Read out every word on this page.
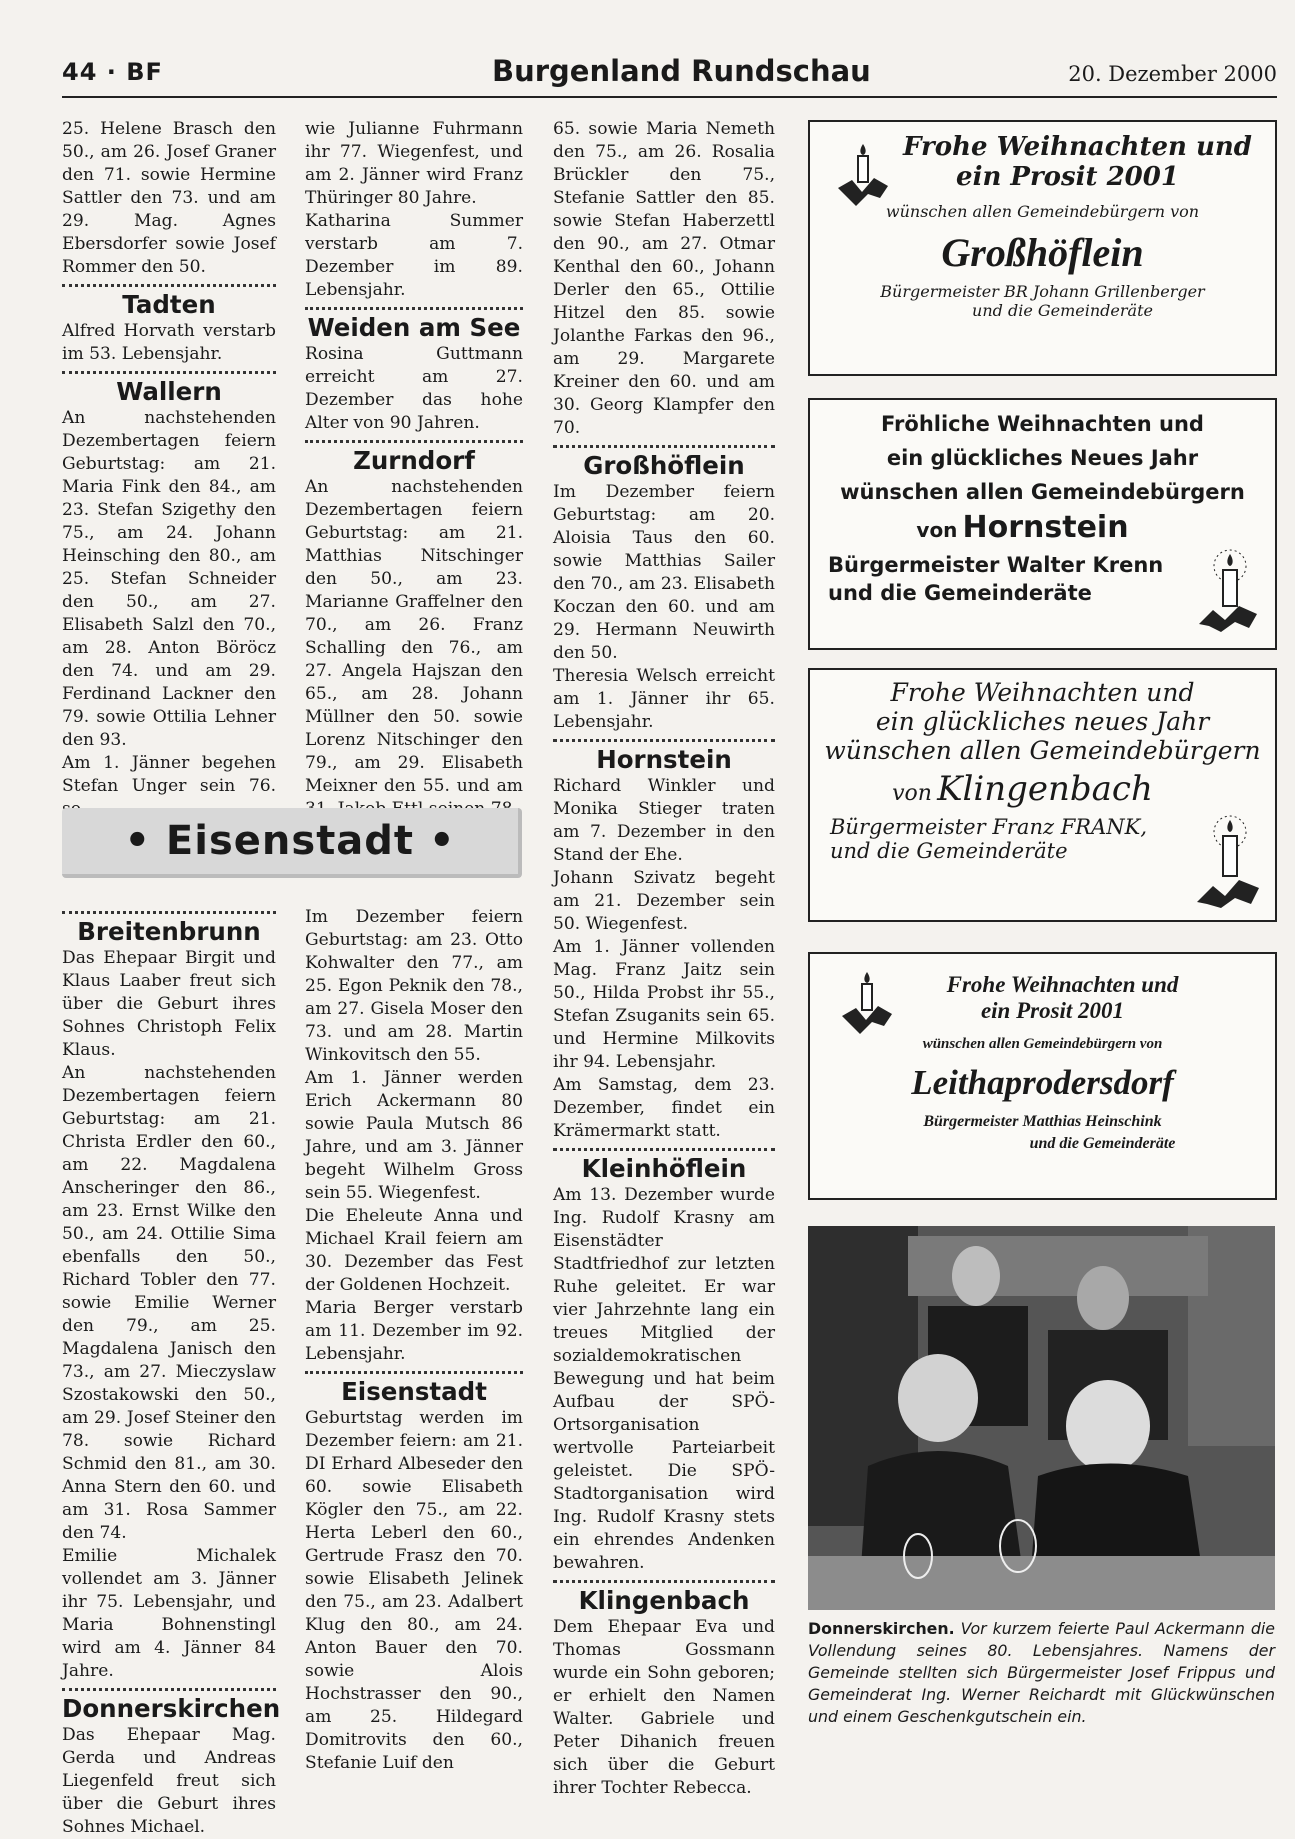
44 · BF	Burgenland Rundschau	20. Dezember 2000

25. Helene Brasch den 50., am 26. Josef Graner den 71. sowie Hermine Sattler den 73. und am 29. Mag. Agnes Ebersdorfer sowie Josef Rommer den 50.

Tadten

Alfred Horvath verstarb im 53. Lebensjahr.

Wallern

An nachstehenden Dezembertagen feiern Geburtstag: am 21. Maria Fink den 84., am 23. Stefan Szigethy den 75., am 24. Johann Heinsching den 80., am 25. Stefan Schneider den 50., am 27. Elisabeth Salzl den 70., am 28. Anton Böröcz den 74. und am 29. Ferdinand Lackner den 79. sowie Ottilia Lehner den 93.

Am 1. Jänner begehen Stefan Unger sein 76.

wie Julianne Fuhrmann ihr 77. Wiegenfest, und am 2. Jänner wird Franz Thüringer 80 Jahre.

Katharina Summer verstarb am 7. Dezember im 89. Lebensjahr.

Weiden am See

Rosina Guttmann erreicht am 27. Dezember das hohe Alter von 90 Jahren.

Zurndorf

An nachstehenden Dezembertagen feiern Geburtstag: am 21. Matthias Nitschinger den 50., am 23. Marianne Graffelner den 70., am 26. Franz Schalling den 76., am 27. Angela Hajszan den 65., am 28. Johann Müllner den 50. sowie Lorenz Nitschinger den 79., am 29. Elisabeth Meixner den 55. und am

• Eisenstadt •
Breitenbrunn

Das Ehepaar Birgit und Klaus Laaber freut sich über die Geburt ihres Sohnes Christoph Felix Klaus.

An nachstehenden Dezembertagen feiern Geburtstag: am 21. Christa Erdler den 60., am 22. Magdalena Anscheringer den 86., am 23. Ernst Wilke den 50., am 24. Ottilie Sima ebenfalls den 50., Richard Tobler den 77. sowie Emilie Werner den 79., am 25. Magdalena Janisch den 73., am 27. Mieczyslaw Szostakowski den 50., am 29. Josef Steiner den 78. sowie Richard Schmid den 81., am 30. Anna Stern den 60. und am 31. Rosa Sammer den 74.

Emilie Michalek vollendet am 3. Jänner ihr 75. Lebensjahr, und Maria Bohnenstingl wird am 4. Jänner 84 Jahre.

Donnerskirchen

Das Ehepaar Mag. Gerda und Andreas Liegenfeld freut sich über die Geburt ihres Sohnes Michael.

Im Dezember feiern Geburtstag: am 23. Otto Kohwalter den 77., am 25. Egon Peknik den 78., am 27. Gisela Moser den 73. und am 28. Martin Winkovitsch den 55.

Am 1. Jänner werden Erich Ackermann 80 sowie Paula Mutsch 86 Jahre, und am 3. Jänner begeht Wilhelm Gross sein 55. Wiegenfest.

Die Eheleute Anna und Michael Krail feiern am 30. Dezember das Fest der Goldenen Hochzeit.

Maria Berger verstarb am 11. Dezember im 92. Lebensjahr.

Eisenstadt

Geburtstag werden im Dezember feiern: am 21. DI Erhard Albeseder den 60. sowie Elisabeth Kögler den 75., am 22. Herta Leberl den 60., Gertrude Frasz den 70. sowie Elisabeth Jelinek den 75., am 23. Adalbert Klug den 80., am 24. Anton Bauer den 70. sowie Alois Hochstrasser den 90., am 25. Hildegard Domitrovits den 60., Stefanie Luif den

65. sowie Maria Nemeth den 75., am 26. Rosalia Brückler den 75., Stefanie Sattler den 85. sowie Stefan Haberzettl den 90., am 27. Otmar Kenthal den 60., Johann Derler den 65., Ottilie Hitzel den 85. sowie Jolanthe Farkas den 96., am 29. Margarete Kreiner den 60. und am 30. Georg Klampfer den 70.

Großhöflein

Im Dezember feiern Geburtstag: am 20. Aloisia Taus den 60. sowie Matthias Sailer den 70., am 23. Elisabeth Koczan den 60. und am 29. Hermann Neuwirth den 50.

Theresia Welsch erreicht am 1. Jänner ihr 65. Lebensjahr.

Hornstein

Richard Winkler und Monika Stieger traten am 7. Dezember in den Stand der Ehe.

Johann Szivatz begeht am 21. Dezember sein 50. Wiegenfest.

Am 1. Jänner vollenden Mag. Franz Jaitz sein 50., Hilda Probst ihr 55., Stefan Zsuganits sein 65. und Hermine Milkovits ihr 94. Lebensjahr.

Am Samstag, dem 23. Dezember, findet ein Krämermarkt statt.

Kleinhöflein

Am 13. Dezember wurde Ing. Rudolf Krasny am Eisenstädter Stadtfriedhof zur letzten Ruhe geleitet. Er war vier Jahrzehnte lang ein treues Mitglied der sozialdemokratischen Bewegung und hat beim Aufbau der SPÖ-Ortsorganisation wertvolle Parteiarbeit geleistet. Die SPÖ-Stadtorganisation wird Ing. Rudolf Krasny stets ein ehrendes Andenken bewahren.

Klingenbach

Dem Ehepaar Eva und Thomas Gossmann wurde ein Sohn geboren; er erhielt den Namen Walter. Gabriele und Peter Dihanich freuen sich über die Geburt ihrer Tochter Rebecca.

Frohe Weihnachten und
ein Prosit 2001
wünschen allen Gemeindebürgern von
Großhöflein
Bürgermeister BR Johann Grillenberger
und die Gemeinderäte
Fröhliche Weihnachten und
ein glückliches Neues Jahr
wünschen allen Gemeindebürgern
von Hornstein
Bürgermeister Walter Krenn
und die Gemeinderäte
Frohe Weihnachten und
ein glückliches neues Jahr
wünschen allen Gemeindebürgern
von Klingenbach
Bürgermeister Franz FRANK,
und die Gemeinderäte
Frohe Weihnachten und
ein Prosit 2001
wünschen allen Gemeindebürgern von
Leithaprodersdorf
Bürgermeister Matthias Heinschink
und die Gemeinderäte
Donnerskirchen. Vor kurzem feierte Paul Ackermann die Vollendung seines 80. Lebensjahres. Namens der Gemeinde stellten sich Bürgermeister Josef Frippus und Gemeinderat Ing. Werner Reichardt mit Glückwünschen und einem Geschenkgutschein ein.
